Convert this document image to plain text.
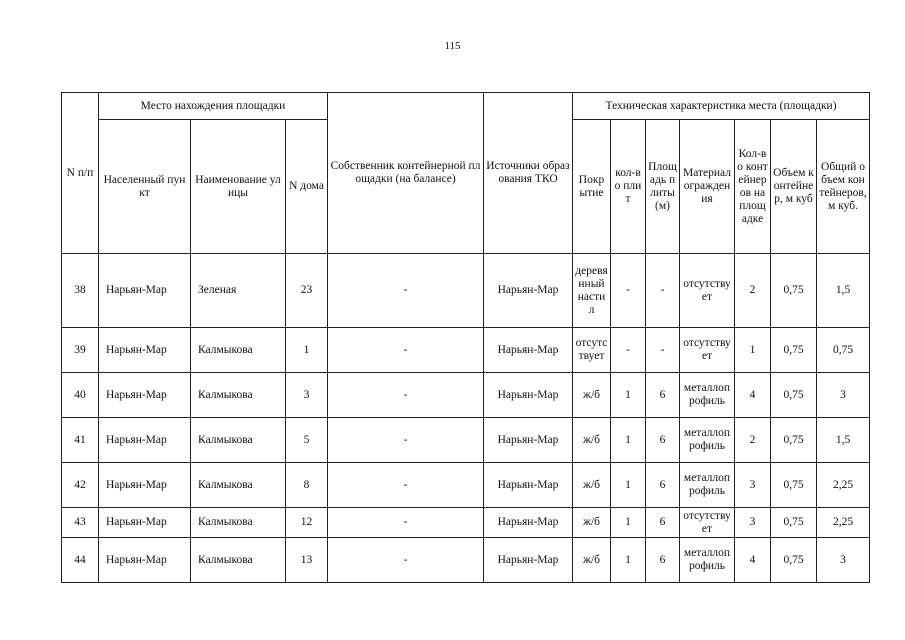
115
N п/п	Место нахождения площадки			Собственник контейнерной площадки (на балансе)	Источники образования ТКО	Техническая характеристика места (площадки)						
	Населенный пункт	Наименование улицы	N дома			Покрытие	кол-во плит	Площадь плиты (м)	Материал ограждения	Кол-во контейнеров на площадке	Объем контейнер, м куб	Общий объем контейнеров, м куб.
38	Нарьян-Мар	Зеленая	23	-	Нарьян-Мар	деревянный настил	-	-	отсутствует	2	0,75	1,5
39	Нарьян-Мар	Калмыкова	1	-	Нарьян-Мар	отсутствует	-	-	отсутствует	1	0,75	0,75
40	Нарьян-Мар	Калмыкова	3	-	Нарьян-Мар	ж/б	1	6	металлопрофиль	4	0,75	3
41	Нарьян-Мар	Калмыкова	5	-	Нарьян-Мар	ж/б	1	6	металлопрофиль	2	0,75	1,5
42	Нарьян-Мар	Калмыкова	8	-	Нарьян-Мар	ж/б	1	6	металлопрофиль	3	0,75	2,25
43	Нарьян-Мар	Калмыкова	12	-	Нарьян-Мар	ж/б	1	6	отсутствует	3	0,75	2,25
44	Нарьян-Мар	Калмыкова	13	-	Нарьян-Мар	ж/б	1	6	металлопрофиль	4	0,75	3
